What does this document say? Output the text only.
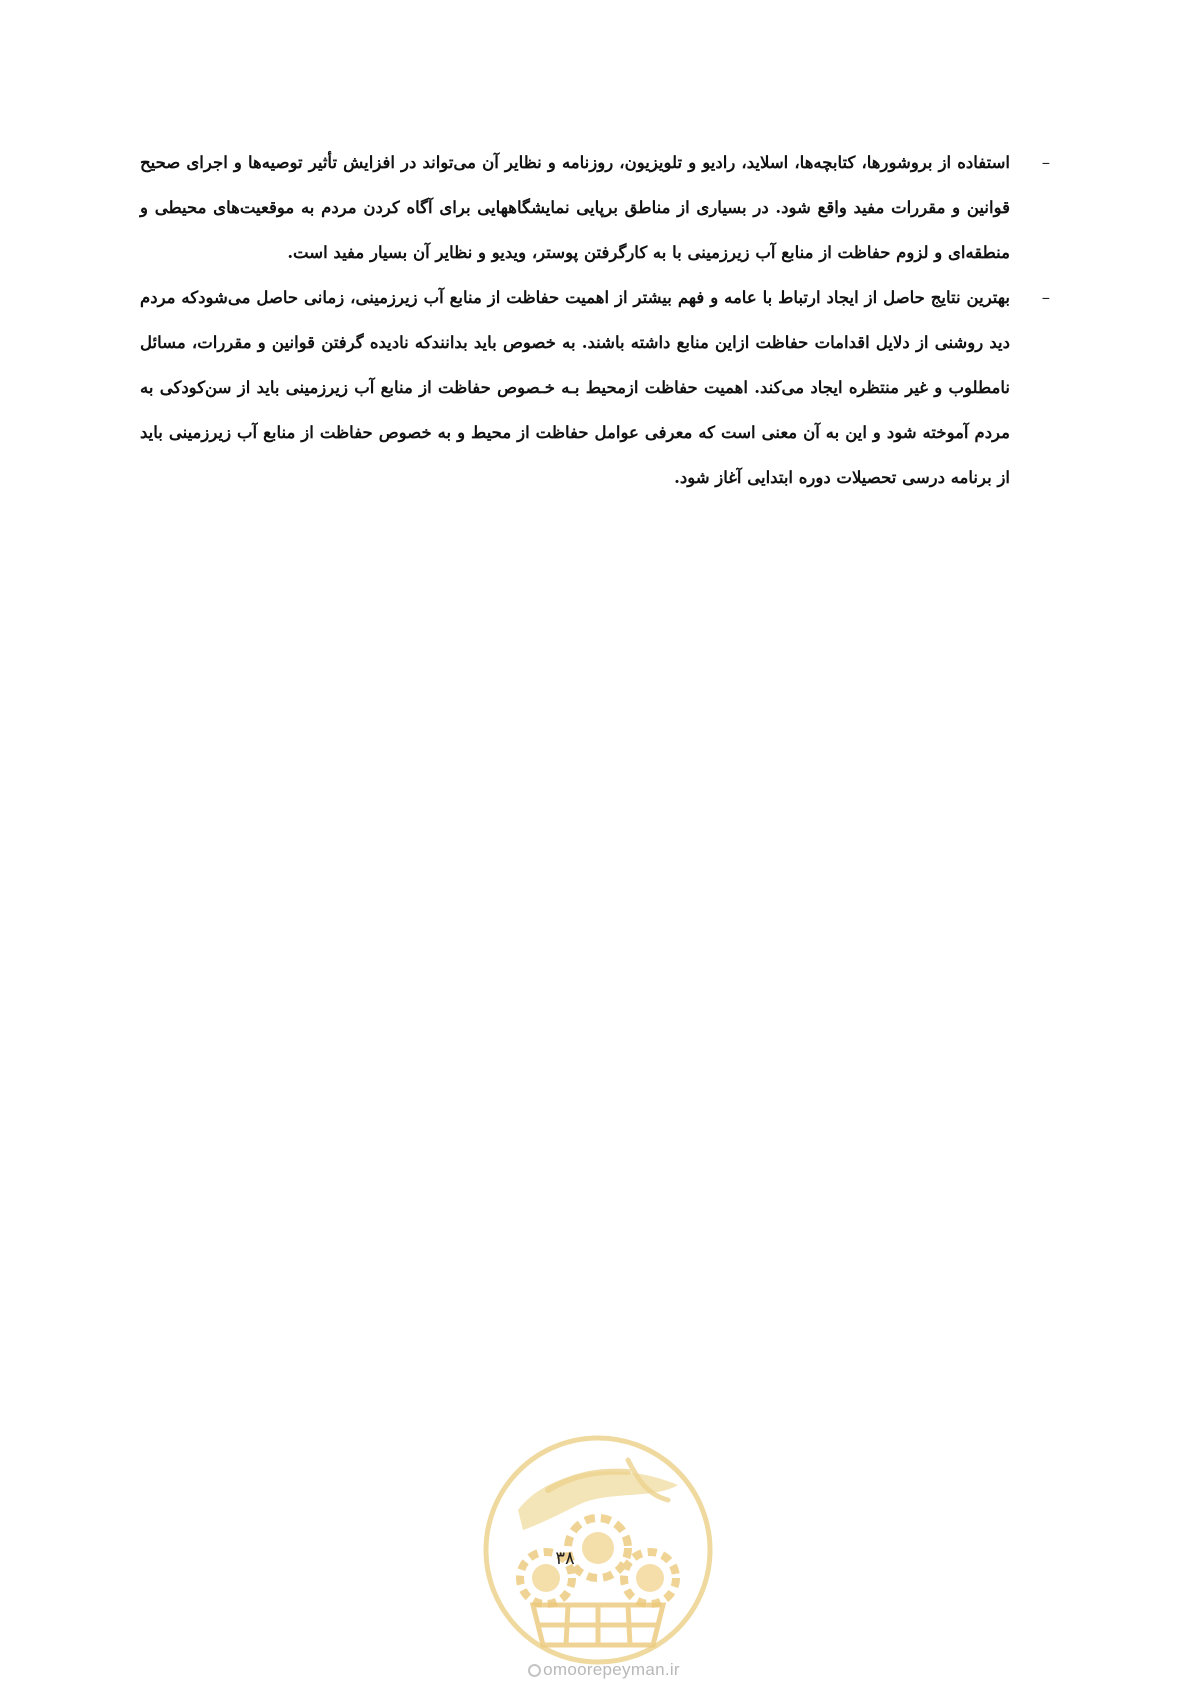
–
استفاده از بروشورها، کتابچه‌ها، اسلاید، رادیو و تلویزیون، روزنامه و نظایر آن می‌تواند در افزایش تأثیر توصیه‌ها و اجرای صحیح قوانین و مقررات مفید واقع شود. در بسیاری از مناطق برپایی نمایشگاههایی برای آگاه کردن مردم به موقعیت‌های محیطی و منطقه‌ای و لزوم حفاظت از منابع آب زیرزمینی با به کارگرفتن پوستر، ویدیو و نظایر آن بسیار مفید است.

–
بهترین نتایج حاصل از ایجاد ارتباط با عامه و فهم بیشتر از اهمیت حفاظت از منابع آب زیرزمینی، زمانی حاصل می‌شودکه مردم دید روشنی از دلایل اقدامات حفاظت ازاین منابع داشته باشند. به خصوص باید بدانندکه نادیده گرفتن قوانین و مقررات، مسائل نامطلوب و غیر منتظره ایجاد می‌کند. اهمیت حفاظت ازمحیط بـه خـصوص حفاظت از منابع آب زیرزمینی باید از سن‌کودکی به مردم آموخته شود و این به آن معنی است که معرفی عوامل حفاظت از محیط و به خصوص حفاظت از منابع آب زیرزمینی باید از برنامه درسی تحصیلات دوره ابتدایی آغاز شود.

۳۸
omoorepeyman.ir
